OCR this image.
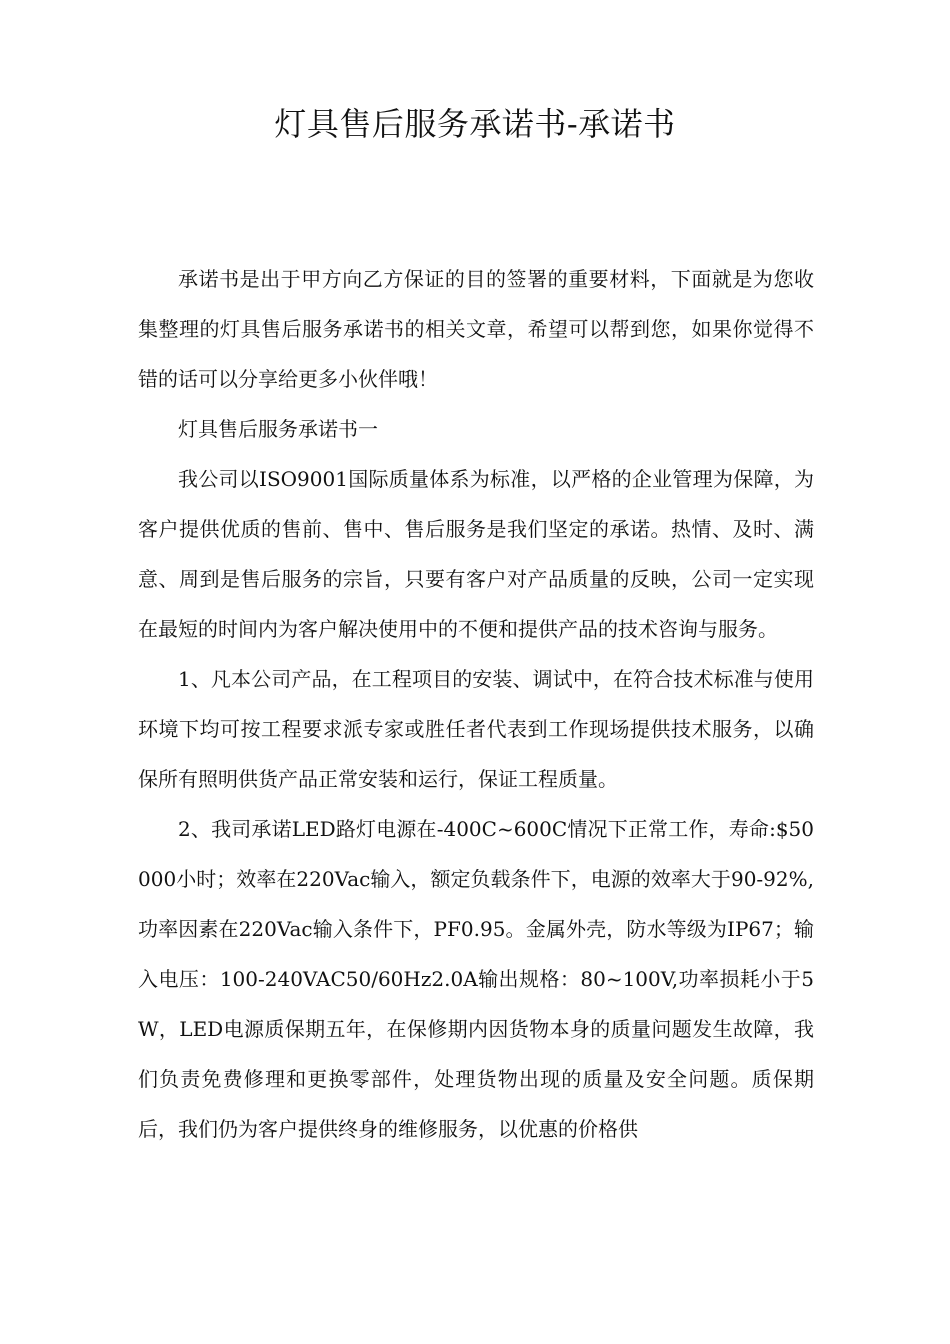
灯具售后服务承诺书-承诺书

承诺书是出于甲方向乙方保证的目的签署的重要材料，下面就是为您收集整理的灯具售后服务承诺书的相关文章，希望可以帮到您，如果你觉得不错的话可以分享给更多小伙伴哦！

灯具售后服务承诺书一

我公司以ISO9001国际质量体系为标准，以严格的企业管理为保障，为客户提供优质的售前、售中、售后服务是我们坚定的承诺。热情、及时、满意、周到是售后服务的宗旨，只要有客户对产品质量的反映，公司一定实现在最短的时间内为客户解决使用中的不便和提供产品的技术咨询与服务。

1、凡本公司产品，在工程项目的安装、调试中，在符合技术标准与使用环境下均可按工程要求派专家或胜任者代表到工作现场提供技术服务，以确保所有照明供货产品正常安装和运行，保证工程质量。

2、我司承诺LED路灯电源在-400C~600C情况下正常工作，寿命:$50000小时；效率在220Vac输入，额定负载条件下，电源的效率大于90-92%,功率因素在220Vac输入条件下，PF0.95。金属外壳，防水等级为IP67；输入电压：100-240VAC50/60Hz2.0A输出规格：80~100V,功率损耗小于5W，LED电源质保期五年，在保修期内因货物本身的质量问题发生故障，我们负责免费修理和更换零部件，处理货物出现的质量及安全问题。质保期后，我们仍为客户提供终身的维修服务，以优惠的价格供
